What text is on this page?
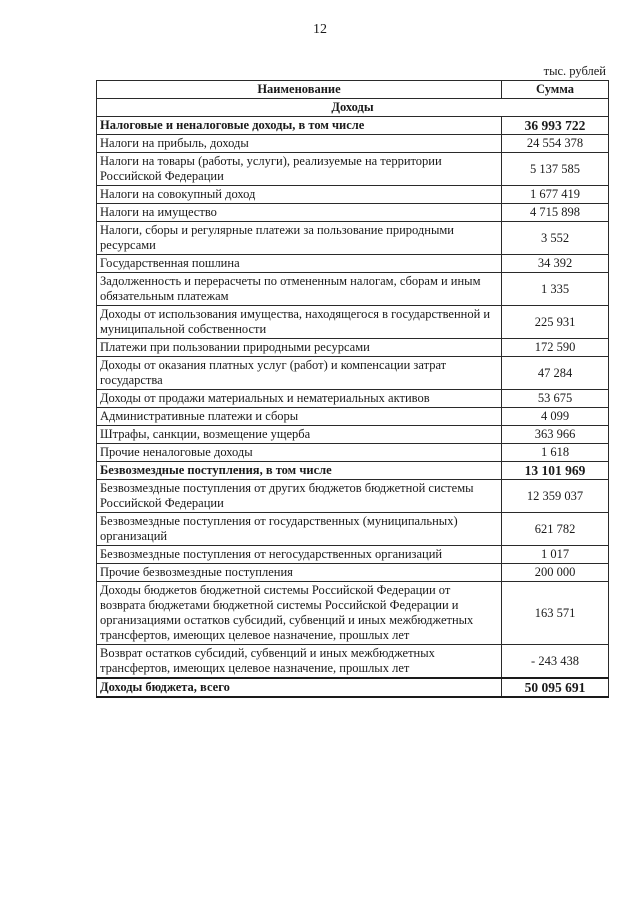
12
тыс. рублей
Наименование	Сумма
Доходы	
Налоговые и неналоговые доходы, в том числе	36 993 722
Налоги на прибыль, доходы	24 554 378
Налоги на товары (работы, услуги), реализуемые на территории Российской Федерации	5 137 585
Налоги на совокупный доход	1 677 419
Налоги на имущество	4 715 898
Налоги, сборы и регулярные платежи за пользование природными ресурсами	3 552
Государственная пошлина	34 392
Задолженность и перерасчеты по отмененным налогам, сборам и иным обязательным платежам	1 335
Доходы от использования имущества, находящегося в государственной и муниципальной собственности	225 931
Платежи при пользовании природными ресурсами	172 590
Доходы от оказания платных услуг (работ) и компенсации затрат государства	47 284
Доходы от продажи материальных и нематериальных активов	53 675
Административные платежи и сборы	4 099
Штрафы, санкции, возмещение ущерба	363 966
Прочие неналоговые доходы	1 618
Безвозмездные поступления, в том числе	13 101 969
Безвозмездные поступления от других бюджетов бюджетной системы Российской Федерации	12 359 037
Безвозмездные поступления от государственных (муниципальных) организаций	621 782
Безвозмездные поступления от негосударственных организаций	1 017
Прочие безвозмездные поступления	200 000
Доходы бюджетов бюджетной системы Российской Федерации от возврата бюджетами бюджетной системы Российской Федерации и организациями остатков субсидий, субвенций и иных межбюджетных трансфертов, имеющих целевое назначение, прошлых лет	163 571
Возврат остатков субсидий, субвенций и иных межбюджетных трансфертов, имеющих целевое назначение, прошлых лет	- 243 438
Доходы бюджета, всего	50 095 691
